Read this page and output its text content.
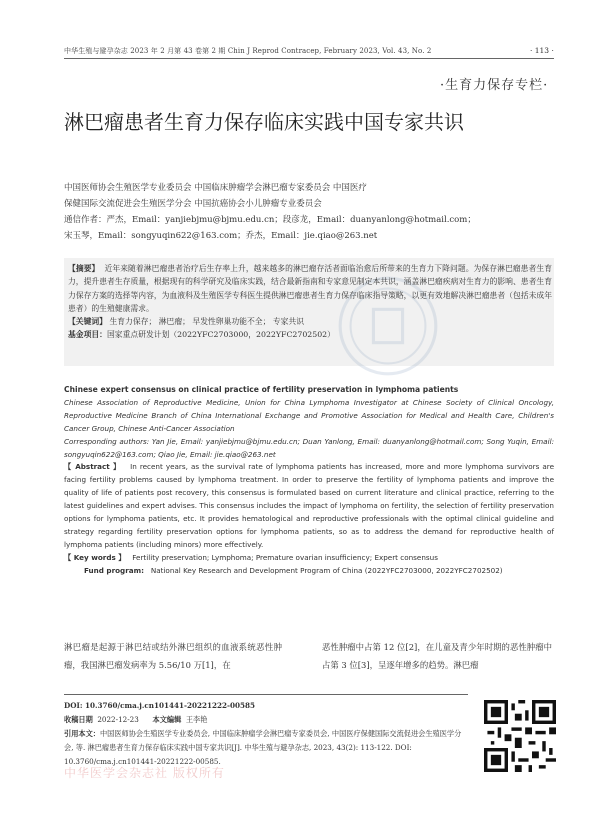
中华生殖与避孕杂志 2023 年 2 月第 43 卷第 2 期 Chin J Reprod Contracep, February 2023, Vol. 43, No. 2	· 113 ·
·生育力保存专栏·
淋巴瘤患者生育力保存临床实践中国专家共识
中国医师协会生殖医学专业委员会 中国临床肿瘤学会淋巴瘤专家委员会 中国医疗
保健国际交流促进会生殖医学分会 中国抗癌协会小儿肿瘤专业委员会
通信作者：严杰，Email：yanjiebjmu@bjmu.edu.cn；段彦龙，Email：duanyanlong@hotmail.com；
宋玉琴，Email：songyuqin622@163.com；乔杰，Email：jie.qiao@263.net
【摘要】 近年来随着淋巴瘤患者治疗后生存率上升，越来越多的淋巴瘤存活者面临治愈后所带来的生育力下降问题。为保存淋巴瘤患者生育力，提升患者生存质量，根据现有的科学研究及临床实践，结合最新指南和专家意见制定本共识，涵盖淋巴瘤疾病对生育力的影响、患者生育力保存方案的选择等内容，为血液科及生殖医学专科医生提供淋巴瘤患者生育力保存临床指导策略，以更有效地解决淋巴瘤患者（包括未成年患者）的生殖健康需求。
【关键词】 生育力保存； 淋巴瘤； 早发性卵巢功能不全； 专家共识
基金项目：国家重点研发计划（2022YFC2703000，2022YFC2702502）
Chinese expert consensus on clinical practice of fertility preservation in lymphoma patients
Chinese Association of Reproductive Medicine, Union for China Lymphoma Investigator at Chinese Society of Clinical Oncology, Reproductive Medicine Branch of China International Exchange and Promotive Association for Medical and Health Care, Children's Cancer Group, Chinese Anti-Cancer Association
Corresponding authors: Yan Jie, Email: yanjiebjmu@bjmu.edu.cn; Duan Yanlong, Email: duanyanlong@hotmail.com; Song Yuqin, Email: songyuqin622@163.com; Qiao Jie, Email: jie.qiao@263.net
【 Abstract 】 In recent years, as the survival rate of lymphoma patients has increased, more and more lymphoma survivors are facing fertility problems caused by lymphoma treatment. In order to preserve the fertility of lymphoma patients and improve the quality of life of patients post recovery, this consensus is formulated based on current literature and clinical practice, referring to the latest guidelines and expert advises. This consensus includes the impact of lymphoma on fertility, the selection of fertility preservation options for lymphoma patients, etc. It provides hematological and reproductive professionals with the optimal clinical guideline and strategy regarding fertility preservation options for lymphoma patients, so as to address the demand for reproductive health of lymphoma patients (including minors) more effectively.
【 Key words 】 Fertility preservation; Lymphoma; Premature ovarian insufficiency; Expert consensus
Fund program: National Key Research and Development Program of China (2022YFC2703000, 2022YFC2702502)
淋巴瘤是起源于淋巴结或结外淋巴组织的血液系统恶性肿瘤，我国淋巴瘤发病率为 5.56/10 万[1]，在
恶性肿瘤中占第 12 位[2]，在儿童及青少年时期的恶性肿瘤中占第 3 位[3]，呈逐年增多的趋势。淋巴瘤
DOI: 10.3760/cma.j.cn101441-20221222-00585
收稿日期 2022-12-23 本文编辑 王李艳
引用本文：中国医师协会生殖医学专业委员会, 中国临床肿瘤学会淋巴瘤专家委员会, 中国医疗保健国际交流促进会生殖医学分会, 等. 淋巴瘤患者生育力保存临床实践中国专家共识[J]. 中华生殖与避孕杂志, 2023, 43(2): 113-122. DOI: 10.3760/cma.j.cn101441-20221222-00585.
中华医学会杂志社 版权所有
